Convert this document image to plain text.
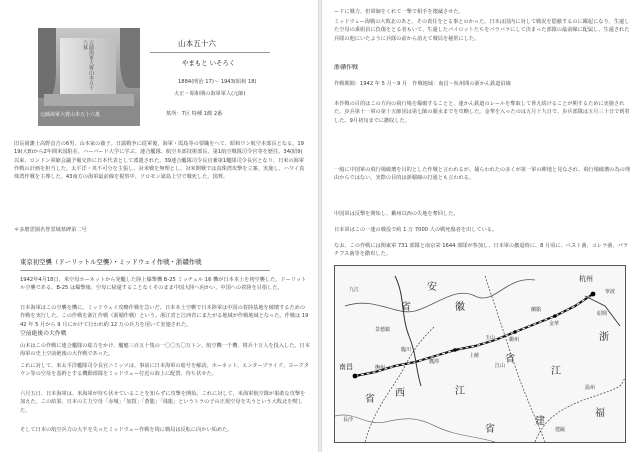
元帥海軍大将山本五十六墓
元帥海軍大将山本五十六墓
山本五十六
やまもと いそろく
1884(明治 17)〜 1943(昭和 18)
大正・昭和期の海軍軍人(元帥)
墓所：7区 特種 1側 2番
旧長岡藩士高野貞吉の6男、山本家の養子。日露戦争に従軍後、海軍・霞島等の要職をへて、昭和ワシ航空本部長となる。1919(大8)から2年間米国駐在、ハーバード大学に学ぶ。連合艦隊、航空本部技術部長、第1航空戦隊司令官等を歴任。34(昭9)以来、ロンドン軍縮会議予備交渉に日本代表として派遣された。39連合艦隊司令長官兼第1艦隊司令長官となり、日米の海軍作戦の計画を担当した。太平洋・英不可分を主張し、対米戦を無理とし、対米開戦では真珠湾攻撃を立案、実施し、ハワイ真珠湾作戦を主導した。43南方の海軍最前線を視察中、ソロモン諸島上空で戦死した。国葬。
＊多磨霊園名誉霊域墓碑第二号
東京初空襲（ドーリットル空襲）・ミッドウェイ作戦・浙贛作戦
1942年4月18日、米空母ホーネットから発艦した陸上爆撃機 B-25 ミッチェル 16 機が日本本土を初空襲した。ドーリットル空襲である。B-25 は爆撃後、空母に帰還することなくそのまま中国大陸へ向かい、中国への着陸を目指した。
日本海軍はこの空襲を機に、ミッドウェイ攻略作戦を急いだ。日本本土空襲で日本陸軍は中国の着陸基地を破壊するための作戦を実行した。この作戦を浙江作戦（浙贛作戦）という。浙江省と江西省にまたがる地域が作戦地域となった。作戦は 1942 年 5 月から 9 月にかけて行われ約 12 万の兵力を用いて実施された。
空前絶後の大作戦
山本はこの作戦に連合艦隊の総力をかけ、艦艇三百五十隻の一〇〇五〇万トン、航空機一千機、将兵十万人を投入した。日本海軍の史上空前絶後の大作戦であった。
これに対して、米太平洋艦隊司令長官ニミッツは、事前に日本海軍の暗号を解読、ホーネット、エンタープライズ、ヨークタウン等の空母を基幹とする機動部隊をミッドウェー付近の海上に配置、待ち伏せた。
六月五日、日本海軍は、米海軍が待ち伏せていることを知らずに攻撃を開始。これに対して、米海軍航空隊が果敢な攻撃を加えた。この結果、日本の主力空母「赤城」「加賀」「蒼龍」「飛龍」というトラの子の正規空母を失うという大敗北を喫した。
そして日本の航空兵力の大半を失ったミッドウェー作戦を境に戦局は反転に向かい始めた。
ードに戦力、但軍師をくれて一撃で相手を壊滅させた。
ミッドウェー海戦の大敗北のあと、その責任をとる事とのかった。日本は国内に対して戦況を隠蔽するのに躍起になり、生還した空母の乗組員に負傷をとる者もいて、生還したパイロットたちをバラバラにして決まった部隊の最前線に配属し、生還された兵隊の他にいたように兵隊の前から消えて戦局を秘匿にした。
浙贛作戦
作戦期間：1942 年 5 月〜9 月　作戦地域：南昌〜杭州間の浙かん鉄道沿線
本作戦の目的はこの方向の飛行場を爆破することと、連かん鉄道のレールを奪取して脅え続けることが期するために実施された。歩兵第十一軍の第十五師団は第七師の麗水までを攻略した。金華を入ったのは五月十九日で、歩兵部隊は五月三十日で到着した。9月初旬までに撤収した。
一般に中国軍の飛行場破壊を目的とした作戦と言われるが、捕らわれたの多くが第一軍の陣地と見なされ、飛行場破壊の為の理由からではない。実際の目的は浙贛線の打通とも言われる。
中国軍は反撃を開始し、衢州以西の失地を奪回した。
日本軍はこの一連の戦役で約 1 万 7000 人の戦死傷者を出している。
なお、この作戦には関東軍 731 部隊と南京栄 1644 部隊が参加し、日本軍の撤退時に、8 月頃に、ペスト菌、コレラ菌、パラチフス菌等を撒布した。
安
徽
省
浙
江
省
省
西	江
福
建
省
杭州
南昌
九江
景德鎮
長沙
衢州
金華
紹興
寧波
温州
上饒
鷹潭
撫州
建甌
玉山
江山
蘭谿
臨川
